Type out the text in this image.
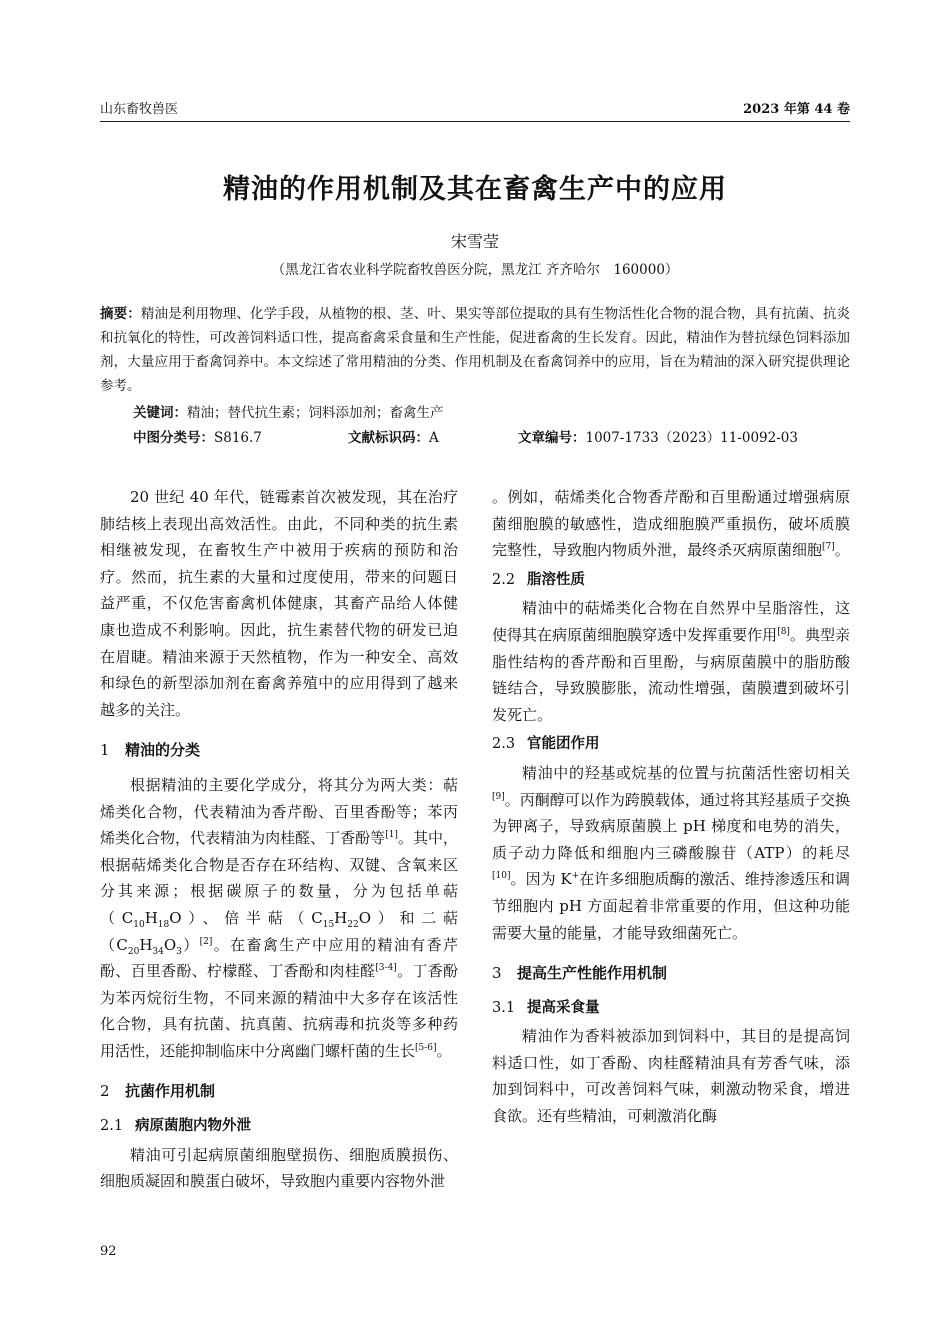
山东畜牧兽医	2023 年第 44 卷
精油的作用机制及其在畜禽生产中的应用
宋雪莹
（黑龙江省农业科学院畜牧兽医分院，黑龙江 齐齐哈尔　160000）
摘要：精油是利用物理、化学手段，从植物的根、茎、叶、果实等部位提取的具有生物活性化合物的混合物，具有抗菌、抗炎和抗氧化的特性，可改善饲料适口性，提高畜禽采食量和生产性能，促进畜禽的生长发育。因此，精油作为替抗绿色饲料添加剂，大量应用于畜禽饲养中。本文综述了常用精油的分类、作用机制及在畜禽饲养中的应用，旨在为精油的深入研究提供理论参考。
关键词：精油；替代抗生素；饲料添加剂；畜禽生产
中图分类号：S816.7	文献标识码：A	文章编号：1007-1733（2023）11-0092-03

20 世纪 40 年代，链霉素首次被发现，其在治疗肺结核上表现出高效活性。由此，不同种类的抗生素相继被发现，在畜牧生产中被用于疾病的预防和治疗。然而，抗生素的大量和过度使用，带来的问题日益严重，不仅危害畜禽机体健康，其畜产品给人体健康也造成不利影响。因此，抗生素替代物的研发已迫在眉睫。精油来源于天然植物，作为一种安全、高效和绿色的新型添加剂在畜禽养殖中的应用得到了越来越多的关注。

1 精油的分类

根据精油的主要化学成分，将其分为两大类：萜烯类化合物，代表精油为香芹酚、百里香酚等；苯丙烯类化合物，代表精油为肉桂醛、丁香酚等[1]。其中，根据萜烯类化合物是否存在环结构、双键、含氧来区分其来源；根据碳原子的数量，分为包括单萜$(C_{10}H_{18}O)$、倍半萜$(C_{15}H_{22}O)$和二萜$(C_{20}H_{34}O_3)[2]$。在畜禽生产中应用的精油有香芹酚、百里香酚、柠檬醛、丁香酚和肉桂醛[3-4]。丁香酚为苯丙烷衍生物，不同来源的精油中大多存在该活性化合物，具有抗菌、抗真菌、抗病毒和抗炎等多种药用活性，还能抑制临床中分离幽门螺杆菌的生长[5-6]。

2 抗菌作用机制
2.1 病原菌胞内物外泄

精油可引起病原菌细胞壁损伤、细胞质膜损伤、细胞质凝固和膜蛋白破坏，导致胞内重要内容物外泄

。例如，萜烯类化合物香芹酚和百里酚通过增强病原菌细胞膜的敏感性，造成细胞膜严重损伤，破坏质膜完整性，导致胞内物质外泄，最终杀灭病原菌细胞[7]。

2.2 脂溶性质

精油中的萜烯类化合物在自然界中呈脂溶性，这使得其在病原菌细胞膜穿透中发挥重要作用[8]。典型亲脂性结构的香芹酚和百里酚，与病原菌膜中的脂肪酸链结合，导致膜膨胀，流动性增强，菌膜遭到破坏引发死亡。

2.3 官能团作用

精油中的羟基或烷基的位置与抗菌活性密切相关[9]。丙酮醇可以作为跨膜载体，通过将其羟基质子交换为钾离子，导致病原菌膜上 pH 梯度和电势的消失，质子动力降低和细胞内三磷酸腺苷（ATP）的耗尽[10]。因为 K+在许多细胞质酶的激活、维持渗透压和调节细胞内 pH 方面起着非常重要的作用，但这种功能需要大量的能量，才能导致细菌死亡。

3 提高生产性能作用机制
3.1 提高采食量

精油作为香料被添加到饲料中，其目的是提高饲料适口性，如丁香酚、肉桂醛精油具有芳香气味，添加到饲料中，可改善饲料气味，刺激动物采食，增进食欲。还有些精油，可刺激消化酶

92
